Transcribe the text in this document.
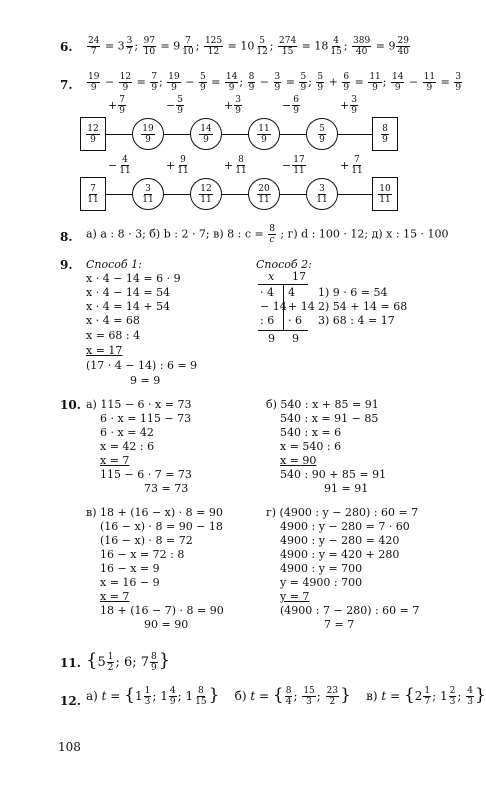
6. $\frac{24}{7} = 3 \frac{3}{7}$ ; $\frac{97}{10} = 9 \frac{7}{10}$ ; $\frac{125}{12} = 10 \frac{5}{12}$ ; $\frac{274}{15} = 18 \frac{4}{15}$ ; $\frac{389}{40} = 9 \frac{29}{40}$
7. $\frac{19}{9} - \frac{12}{9} = \frac{7}{9}$ ; $\frac{19}{9} - \frac{5}{9} = \frac{14}{9}$ ; $\frac{8}{9} - \frac{3}{9} = \frac{5}{9}$ ; $\frac{5}{9} + \frac{6}{9} = \frac{11}{9}$ ; $\frac{14}{9} - \frac{11}{9} = \frac{3}{9}$
$\frac{12}{9}$	$\frac{19}{9}$	$\frac{14}{9}$	$\frac{11}{9}$	$\frac{5}{9}$	$\frac{8}{9}$
+ $\frac{7}{9}$	− $\frac{5}{9}$	+ $\frac{3}{9}$	− $\frac{6}{9}$	+ $\frac{3}{9}$
$\frac{7}{11}$	$\frac{3}{11}$	$\frac{12}{11}$	$\frac{20}{11}$	$\frac{3}{11}$	$\frac{10}{11}$
− $\frac{4}{11}$	+ $\frac{9}{11}$	+ $\frac{8}{11}$	− $\frac{17}{11}$	+ $\frac{7}{11}$
8. а) a : 8 · 3; б) b : 2 · 7; в) 8 : $c = \frac{8}{c}$ ; г) d : 100 · 12; д) x : 15 · 100
9. Способ 1:
x · 4 − 14 = 6 · 9
x · 4 − 14 = 54
x · 4 = 14 + 54
x · 4 = 68
x = 68 : 4
x = 17
(17 · 4 − 14) : 6 = 9
9 = 9
Способ 2:
x 17
· 4 4
− 14 + 14
: 6 · 6
9 9
1) 9 · 6 = 54
2) 54 + 14 = 68
3) 68 : 4 = 17
10. а) 115 − 6 · x = 73
6 · x = 115 − 73
6 · x = 42
x = 42 : 6
x = 7
115 − 6 · 7 = 73
73 = 73
б) 540 : x + 85 = 91
540 : x = 91 − 85
540 : x = 6
x = 540 : 6
x = 90
540 : 90 + 85 = 91
91 = 91
в) 18 + (16 − x) · 8 = 90
(16 − x) · 8 = 90 − 18
(16 − x) · 8 = 72
16 − x = 72 : 8
16 − x = 9
x = 16 − 9
x = 7
18 + (16 − 7) · 8 = 90
90 = 90
г) (4900 : y − 280) : 60 = 7
4900 : y − 280 = 7 · 60
4900 : y − 280 = 420
4900 : y = 420 + 280
4900 : y = 700
y = 4900 : 700
y = 7
(4900 : 7 − 280) : 60 = 7
7 = 7
11. {$5 \frac{1}{2}$ ; 6; $7 \frac{8}{9}$ }
12. а) $t = \{1 \frac{1}{3}$ ; $1 \frac{4}{9}$ ; $1 \frac{8}{15}$ }    б) t = { $\frac{8}{4}$ ; $\frac{15}{3}$ ; $\frac{23}{2}$ }    в) $t = \{2 \frac{1}{7}$ ; $1 \frac{2}{3}$ ; $\frac{4}{3}$ }
108
